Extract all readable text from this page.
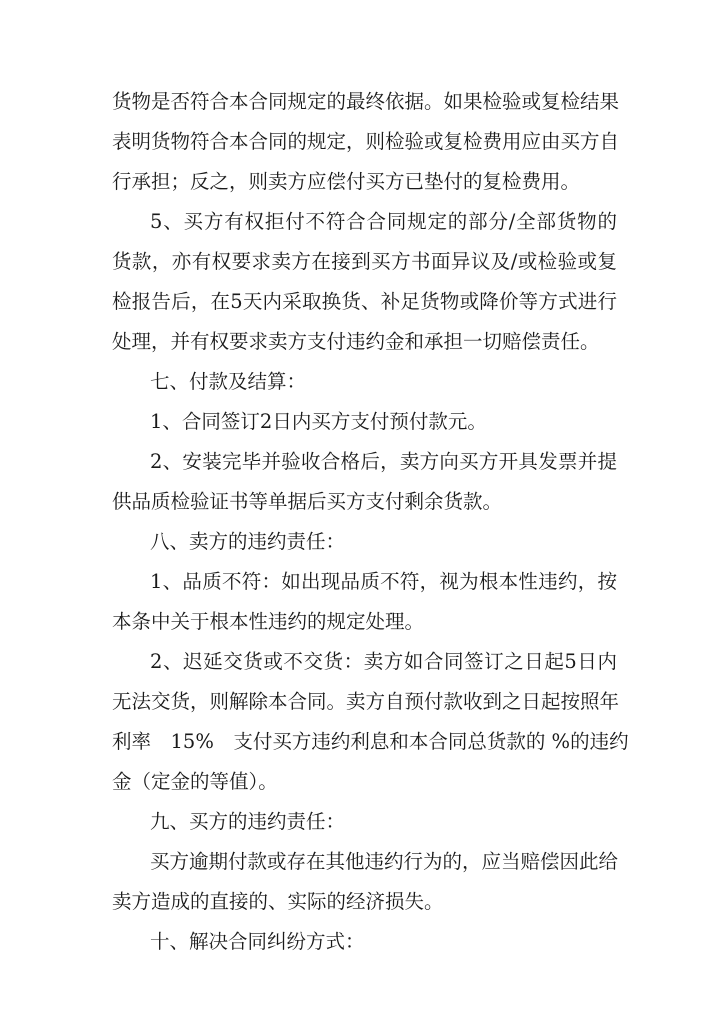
货物是否符合本合同规定的最终依据。如果检验或复检结果
表明货物符合本合同的规定，则检验或复检费用应由买方自
行承担；反之，则卖方应偿付买方已垫付的复检费用。
5、买方有权拒付不符合合同规定的部分/全部货物的
货款，亦有权要求卖方在接到买方书面异议及/或检验或复
检报告后，在5天内采取换货、补足货物或降价等方式进行
处理，并有权要求卖方支付违约金和承担一切赔偿责任。
七、付款及结算：
1、合同签订2日内买方支付预付款元。
2、安装完毕并验收合格后，卖方向买方开具发票并提
供品质检验证书等单据后买方支付剩余货款。
八、卖方的违约责任：
1、品质不符：如出现品质不符，视为根本性违约，按
本条中关于根本性违约的规定处理。
2、迟延交货或不交货：卖方如合同签订之日起5日内
无法交货，则解除本合同。卖方自预付款收到之日起按照年
利率　15%　支付买方违约利息和本合同总货款的 %的违约
金（定金的等值）。
九、买方的违约责任：
买方逾期付款或存在其他违约行为的，应当赔偿因此给
卖方造成的直接的、实际的经济损失。
十、解决合同纠纷方式：
